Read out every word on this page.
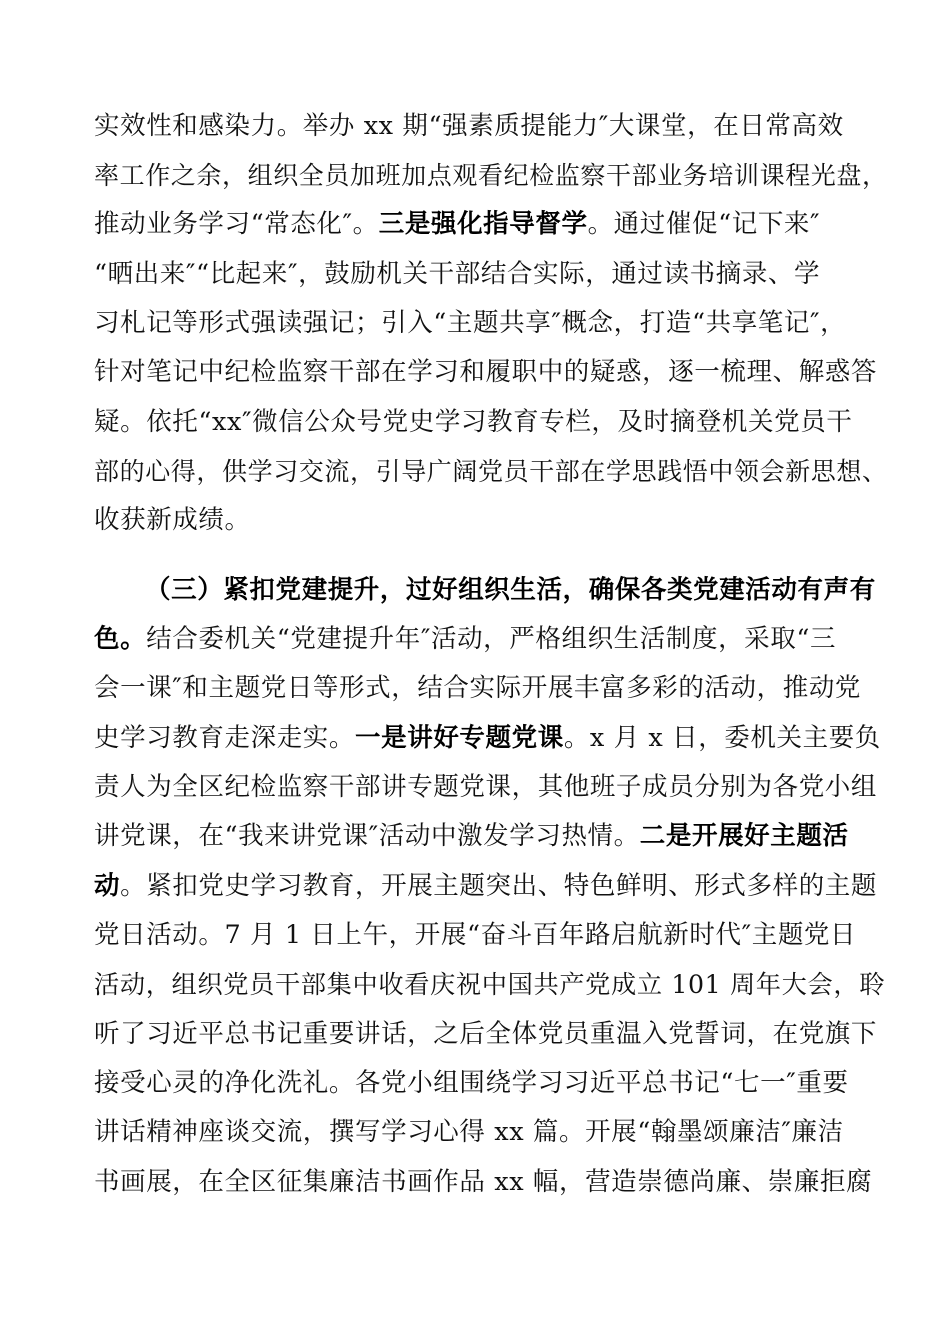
实效性和感染力。举办 xx 期“强素质提能力″大课堂，在日常高效
率工作之余，组织全员加班加点观看纪检监察干部业务培训课程光盘，
推动业务学习“常态化″。三是强化指导督学。通过催促“记下来″
“晒出来″“比起来″，鼓励机关干部结合实际，通过读书摘录、学
习札记等形式强读强记；引入“主题共享″概念，打造“共享笔记″，
针对笔记中纪检监察干部在学习和履职中的疑惑，逐一梳理、解惑答
疑。依托“xx″微信公众号党史学习教育专栏，及时摘登机关党员干
部的心得，供学习交流，引导广阔党员干部在学思践悟中领会新思想、
收获新成绩。
（三）紧扣党建提升，过好组织生活，确保各类党建活动有声有
色。结合委机关“党建提升年″活动，严格组织生活制度，采取“三
会一课″和主题党日等形式，结合实际开展丰富多彩的活动，推动党
史学习教育走深走实。一是讲好专题党课。x 月 x 日，委机关主要负
责人为全区纪检监察干部讲专题党课，其他班子成员分别为各党小组
讲党课，在“我来讲党课″活动中激发学习热情。二是开展好主题活
动。紧扣党史学习教育，开展主题突出、特色鲜明、形式多样的主题
党日活动。7 月 1 日上午，开展“奋斗百年路启航新时代″主题党日
活动，组织党员干部集中收看庆祝中国共产党成立 101 周年大会，聆
听了习近平总书记重要讲话，之后全体党员重温入党誓词，在党旗下
接受心灵的净化洗礼。各党小组围绕学习习近平总书记“七一″重要
讲话精神座谈交流，撰写学习心得 xx 篇。开展“翰墨颂廉洁″廉洁
书画展，在全区征集廉洁书画作品 xx 幅，营造崇德尚廉、崇廉拒腐
